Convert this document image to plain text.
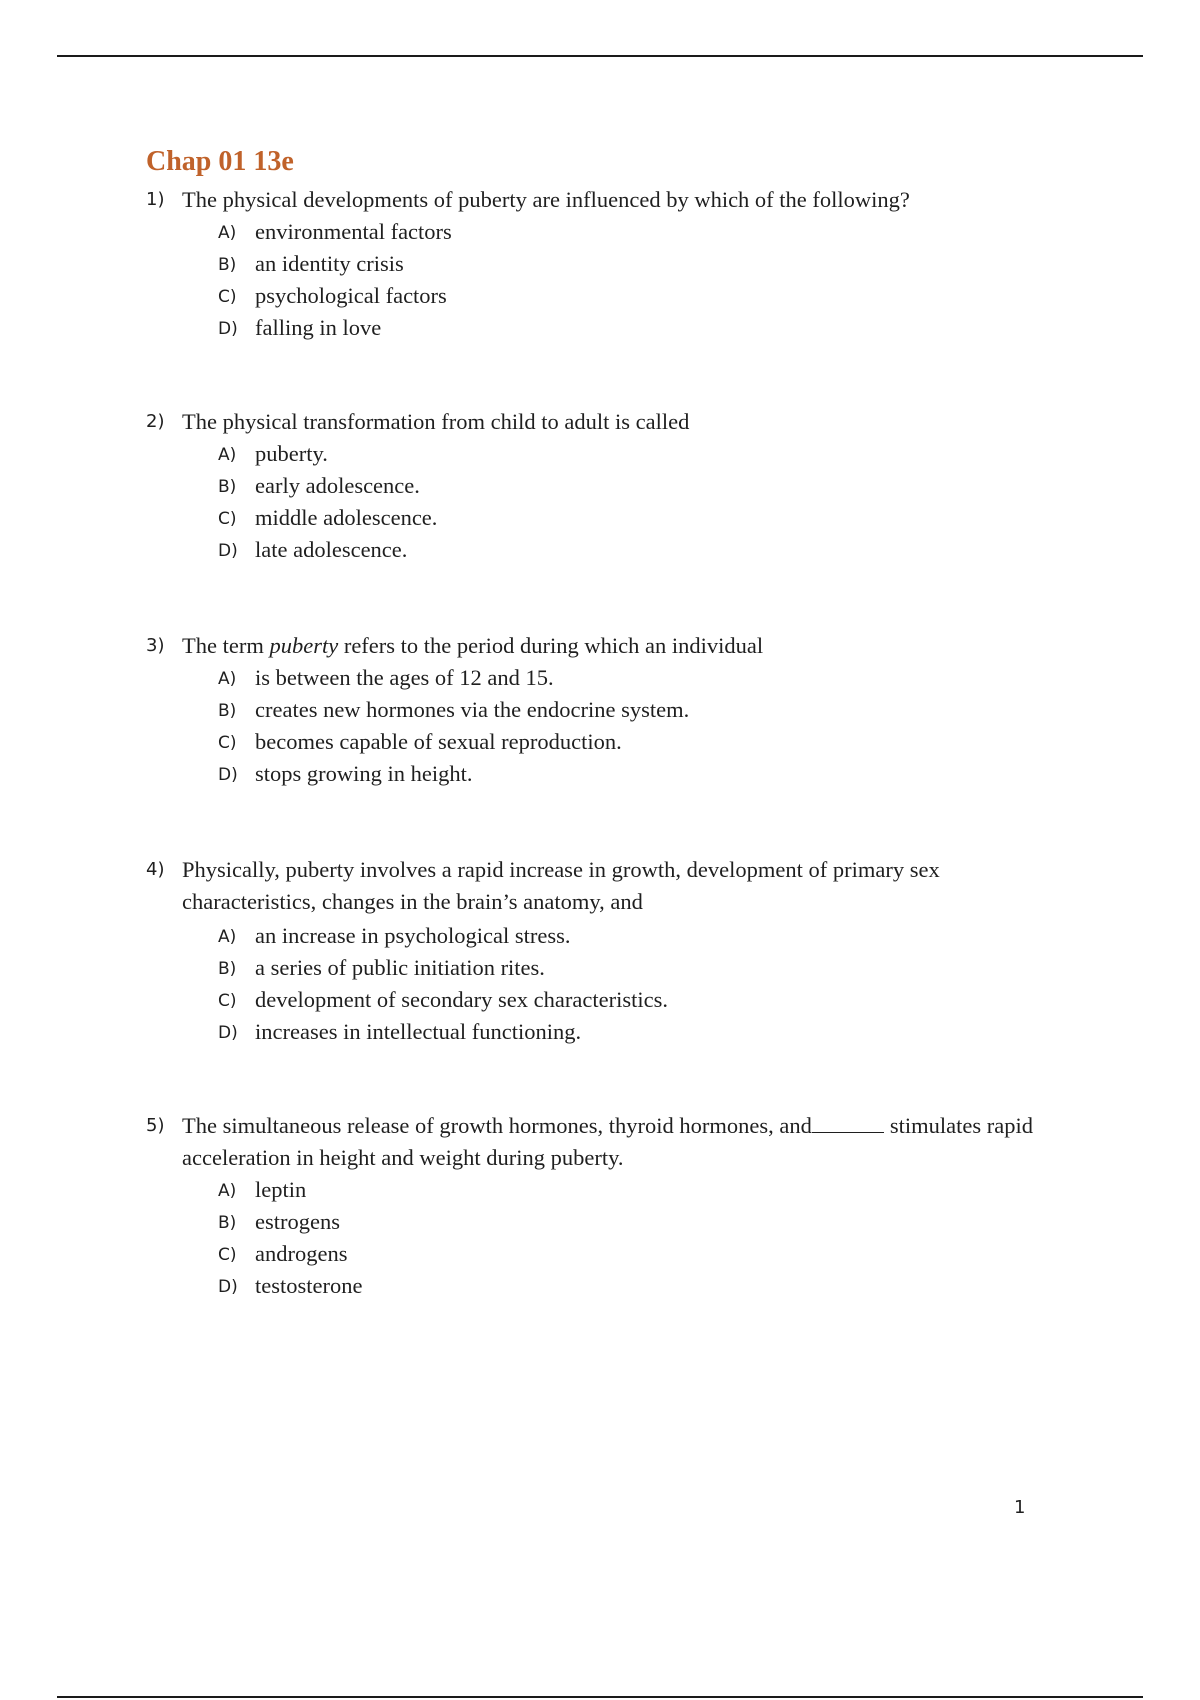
Chap 01 13e
1) The physical developments of puberty are influenced by which of the following?
A) environmental factors
B) an identity crisis
C) psychological factors
D) falling in love
2) The physical transformation from child to adult is called
A) puberty.
B) early adolescence.
C) middle adolescence.
D) late adolescence.
3) The term puberty refers to the period during which an individual
A) is between the ages of 12 and 15.
B) creates new hormones via the endocrine system.
C) becomes capable of sexual reproduction.
D) stops growing in height.
4) Physically, puberty involves a rapid increase in growth, development of primary sex characteristics, changes in the brain’s anatomy, and
A) an increase in psychological stress.
B) a series of public initiation rites.
C) development of secondary sex characteristics.
D) increases in intellectual functioning.
5) The simultaneous release of growth hormones, thyroid hormones, and	stimulates rapid acceleration in height and weight during puberty.
A) leptin
B) estrogens
C) androgens
D) testosterone
1
